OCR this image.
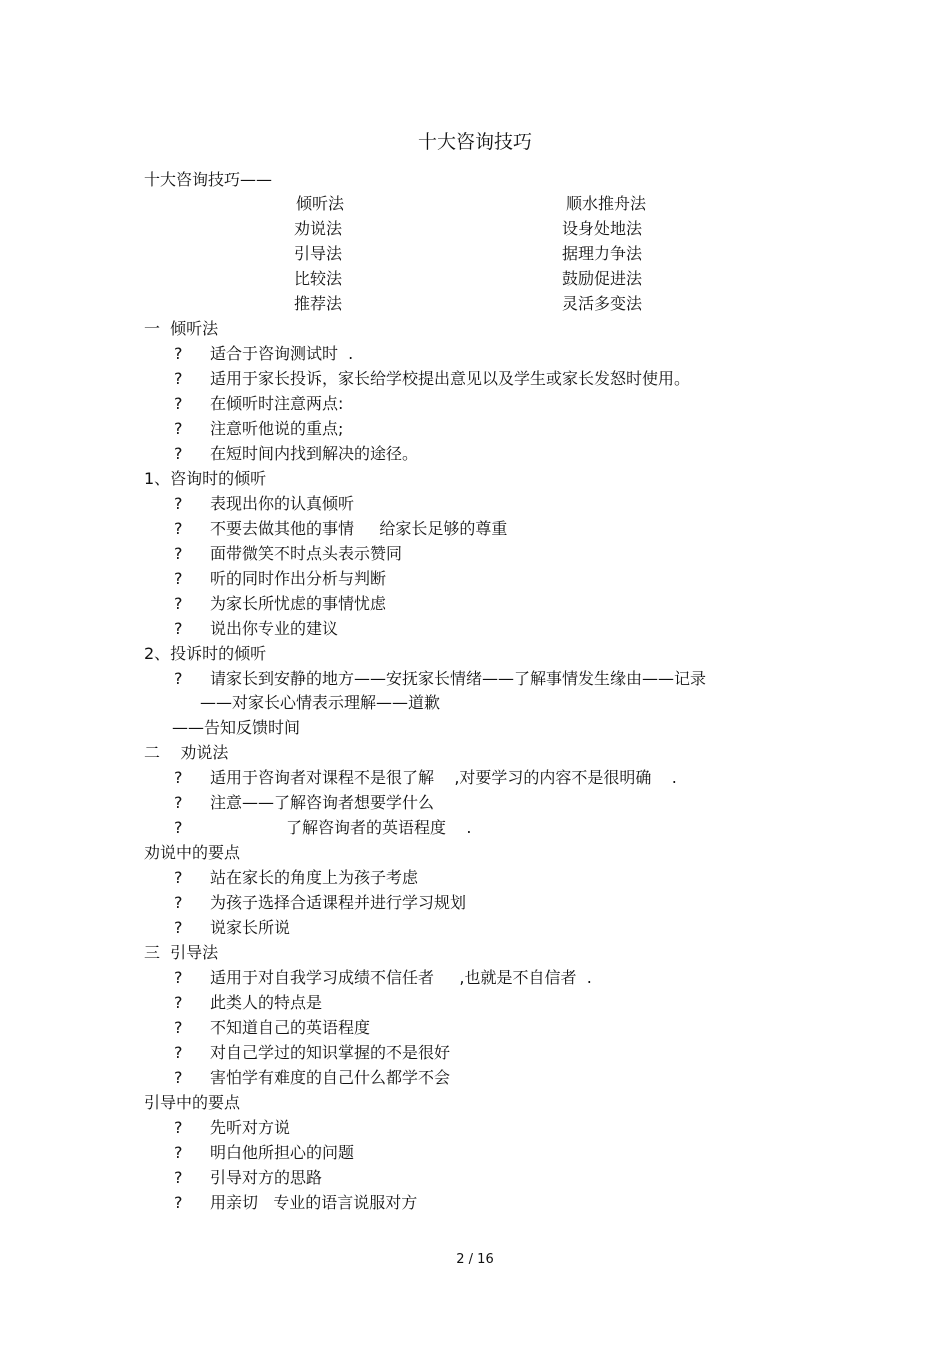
十大咨询技巧
十大咨询技巧——
倾听法
劝说法
引导法
比较法
推荐法
顺水推舟法
设身处地法
据理力争法
鼓励促进法
灵活多变法
一  倾听法
? 适合于咨询测试时  .
? 适用于家长投诉，家长给学校提出意见以及学生或家长发怒时使用。
? 在倾听时注意两点:
? 注意听他说的重点;
? 在短时间内找到解决的途径。
1、咨询时的倾听
? 表现出你的认真倾听
? 不要去做其他的事情     给家长足够的尊重
? 面带微笑不时点头表示赞同
? 听的同时作出分析与判断
? 为家长所忧虑的事情忧虑
? 说出你专业的建议
2、投诉时的倾听
? 请家长到安静的地方——安抚家长情绪——了解事情发生缘由——记录
——对家长心情表示理解——道歉
——告知反馈时间
二    劝说法
? 适用于咨询者对课程不是很了解    ,对要学习的内容不是很明确    .
? 注意——了解咨询者想要学什么
?	了解咨询者的英语程度    .
劝说中的要点
? 站在家长的角度上为孩子考虑
? 为孩子选择合适课程并进行学习规划
? 说家长所说
三  引导法
? 适用于对自我学习成绩不信任者     ,也就是不自信者  .
? 此类人的特点是
? 不知道自己的英语程度
? 对自己学过的知识掌握的不是很好
? 害怕学有难度的自己什么都学不会
引导中的要点
? 先听对方说
? 明白他所担心的问题
? 引导对方的思路
? 用亲切   专业的语言说服对方
2 / 16
